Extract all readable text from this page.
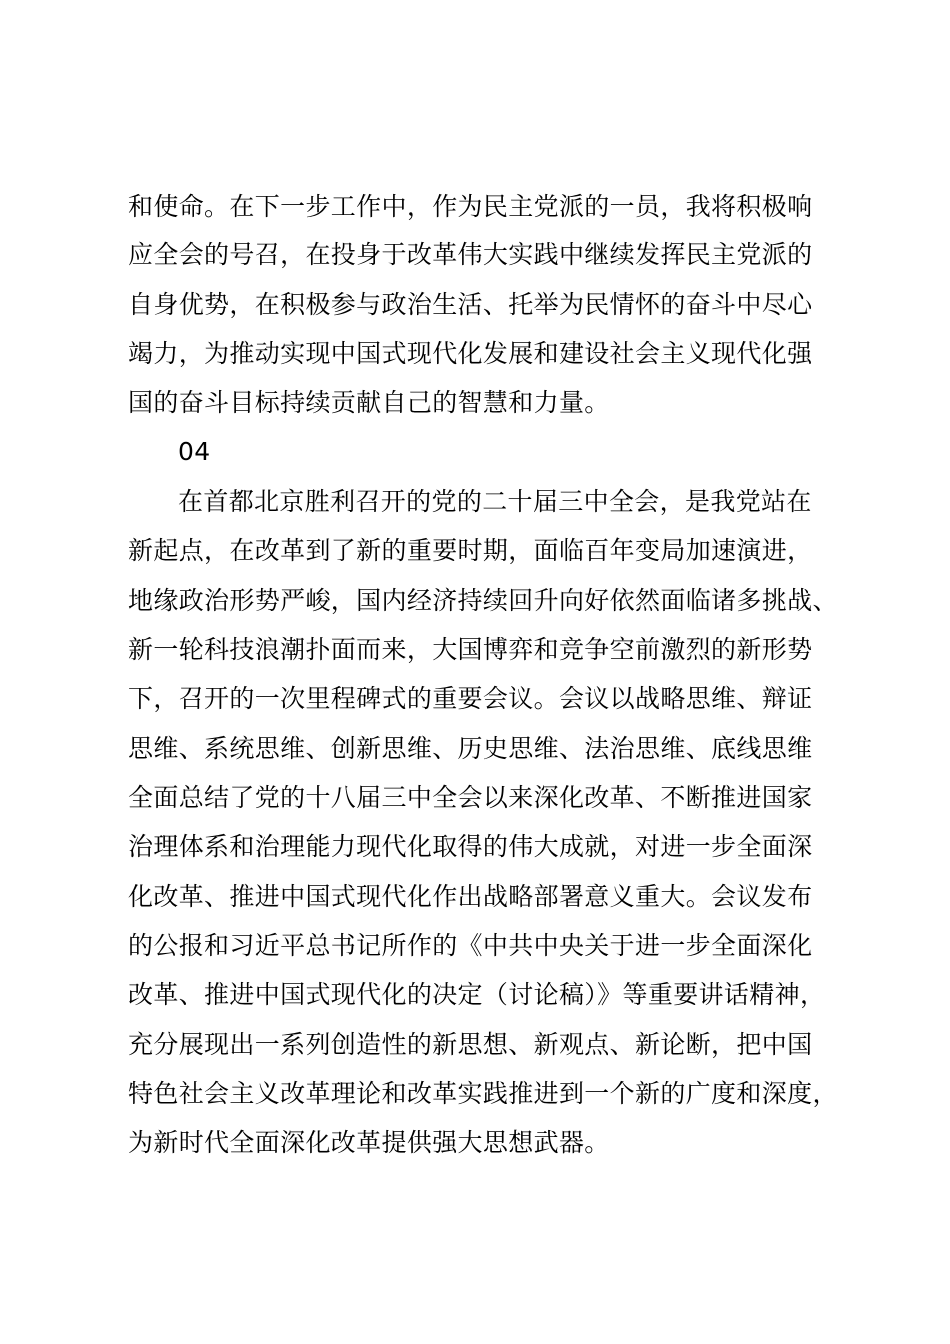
和使命。在下一步工作中，作为民主党派的一员，我将积极响
应全会的号召，在投身于改革伟大实践中继续发挥民主党派的
自身优势，在积极参与政治生活、托举为民情怀的奋斗中尽心
竭力，为推动实现中国式现代化发展和建设社会主义现代化强
国的奋斗目标持续贡献自己的智慧和力量。
04
在首都北京胜利召开的党的二十届三中全会，是我党站在
新起点，在改革到了新的重要时期，面临百年变局加速演进，
地缘政治形势严峻，国内经济持续回升向好依然面临诸多挑战、
新一轮科技浪潮扑面而来，大国博弈和竞争空前激烈的新形势
下，召开的一次里程碑式的重要会议。会议以战略思维、辩证
思维、系统思维、创新思维、历史思维、法治思维、底线思维
全面总结了党的十八届三中全会以来深化改革、不断推进国家
治理体系和治理能力现代化取得的伟大成就，对进一步全面深
化改革、推进中国式现代化作出战略部署意义重大。会议发布
的公报和习近平总书记所作的《中共中央关于进一步全面深化
改革、推进中国式现代化的决定（讨论稿）》等重要讲话精神，
充分展现出一系列创造性的新思想、新观点、新论断，把中国
特色社会主义改革理论和改革实践推进到一个新的广度和深度，
为新时代全面深化改革提供强大思想武器。
